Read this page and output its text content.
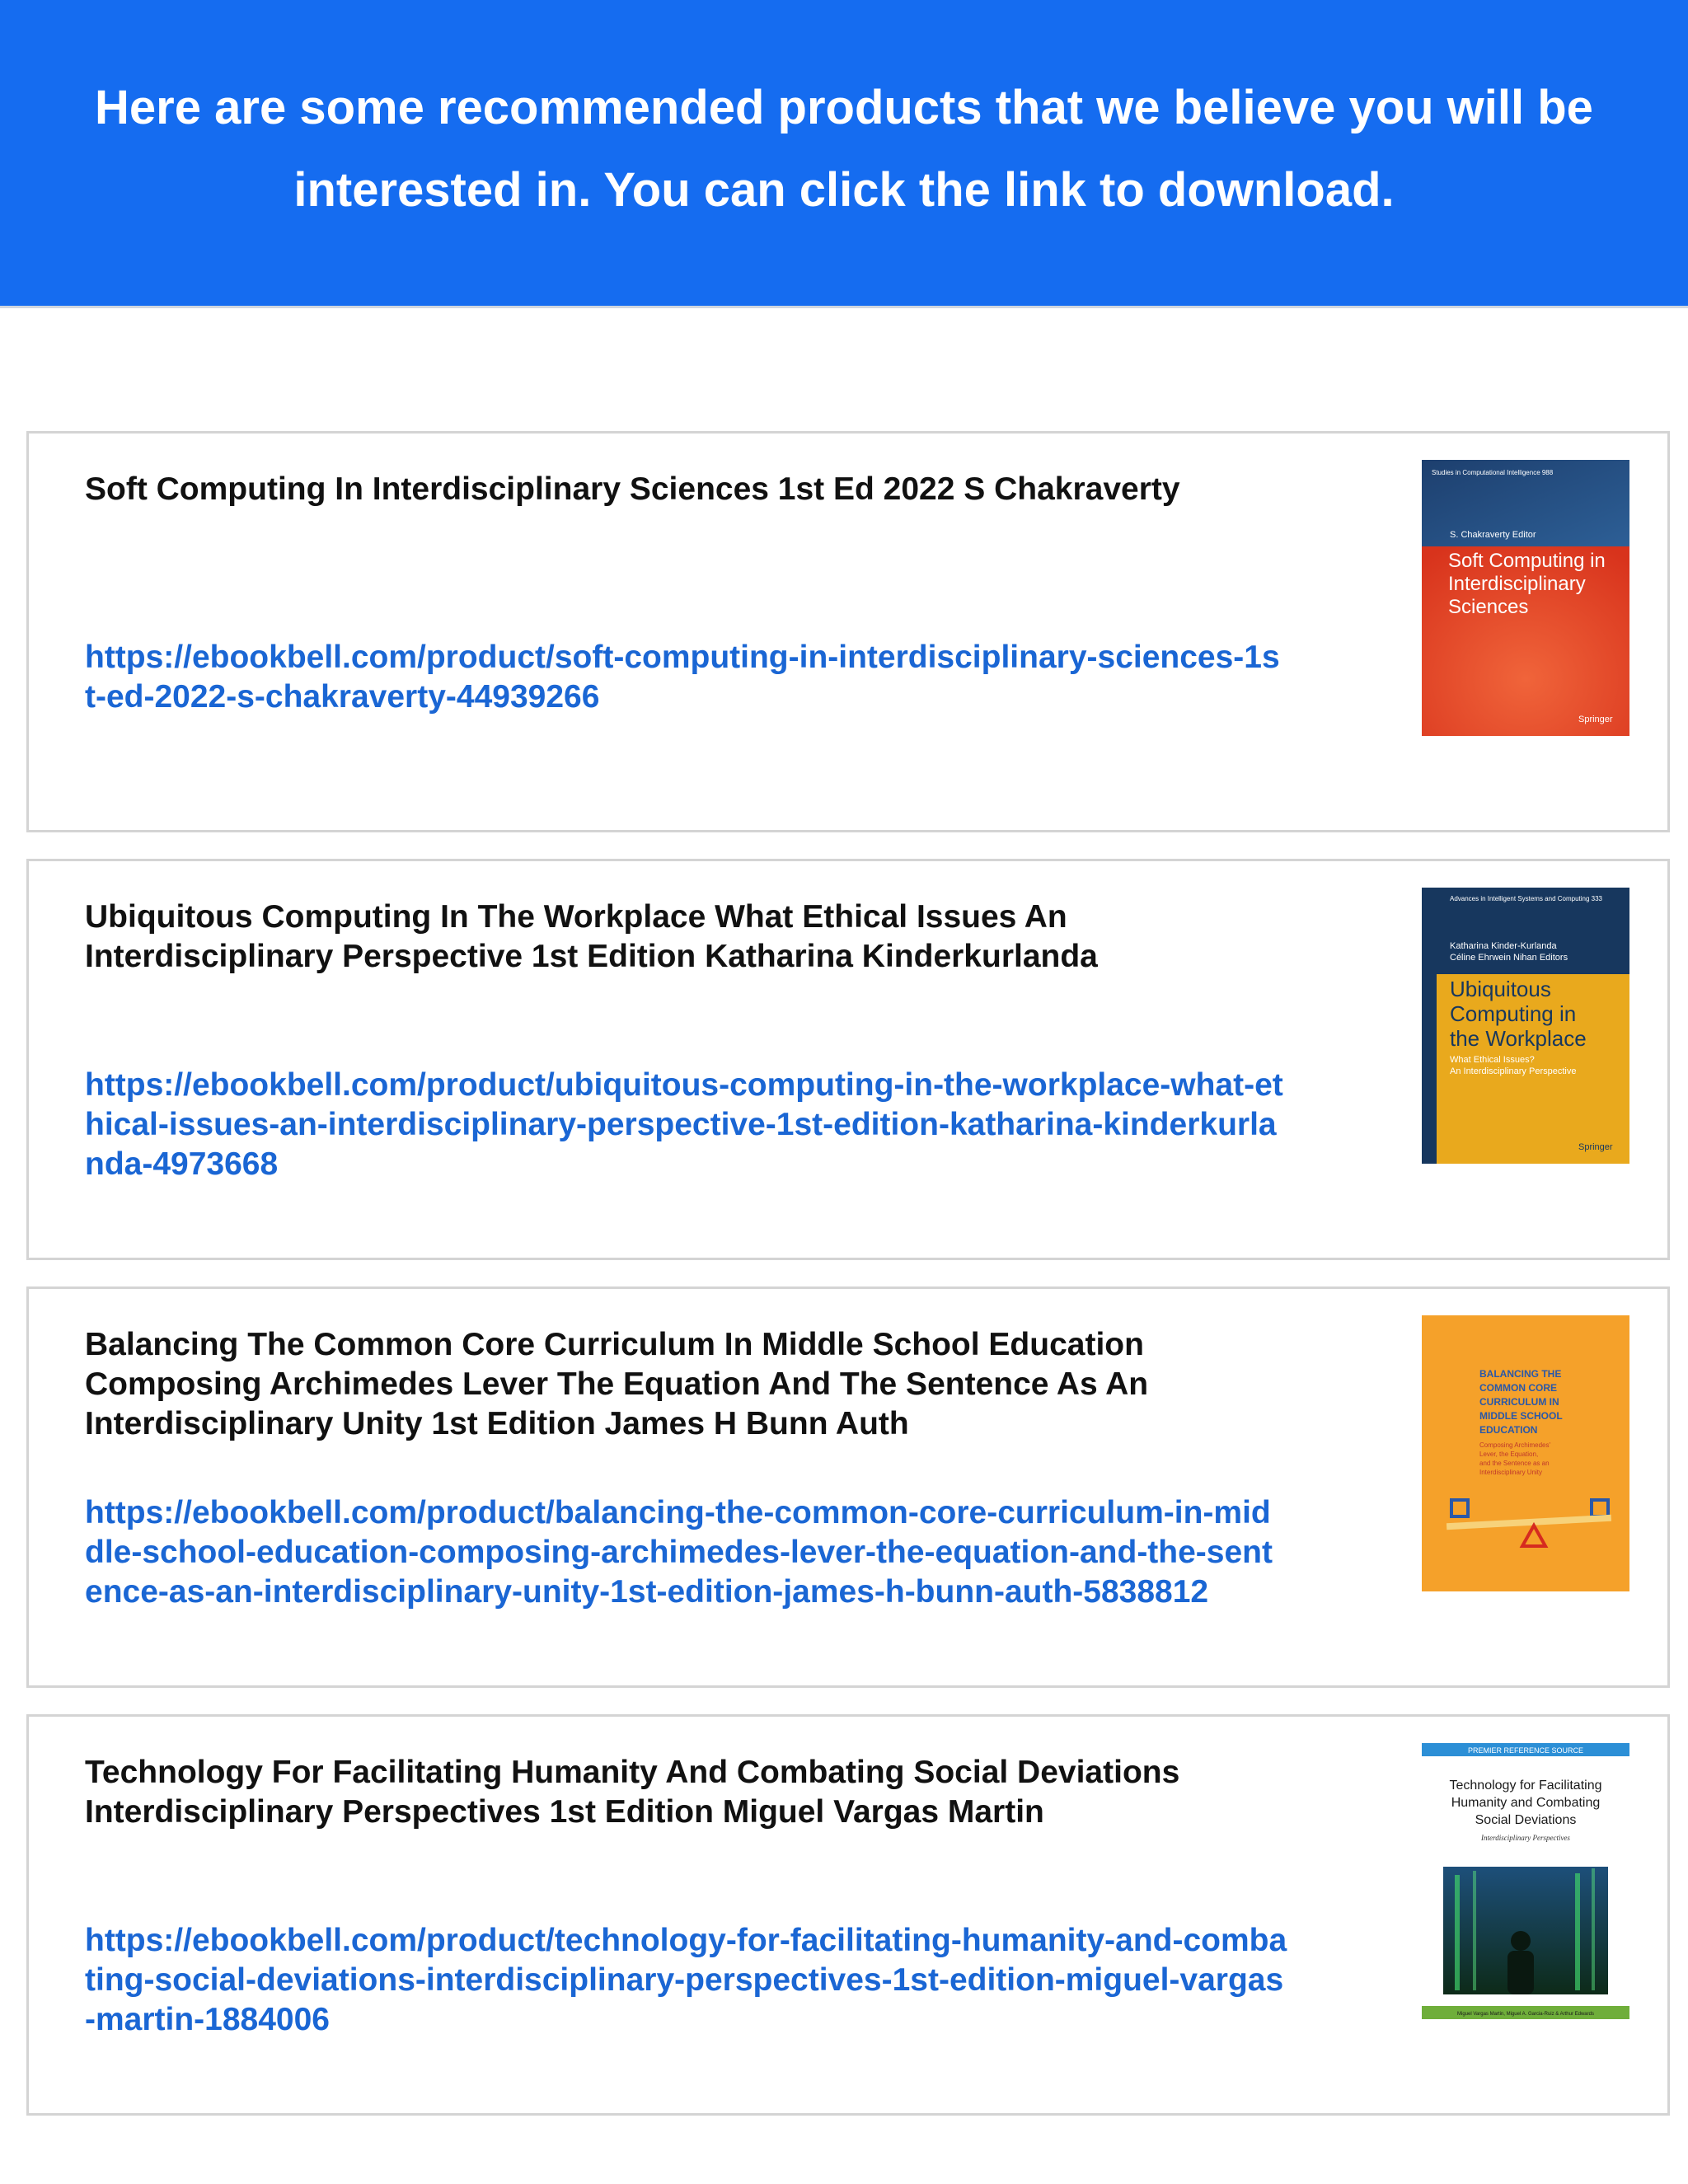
Here are some recommended products that we believe you will be interested in. You can click the link to download.
Soft Computing In Interdisciplinary Sciences 1st Ed 2022 S Chakraverty
https://ebookbell.com/product/soft-computing-in-interdisciplinary-sciences-1st-ed-2022-s-chakraverty-44939266
Studies in Computational Intelligence 988
S. Chakraverty Editor
Soft Computing in
Interdisciplinary
Sciences
Springer
Ubiquitous Computing In The Workplace What Ethical Issues An Interdisciplinary Perspective 1st Edition Katharina Kinderkurlanda
https://ebookbell.com/product/ubiquitous-computing-in-the-workplace-what-ethical-issues-an-interdisciplinary-perspective-1st-edition-katharina-kinderkurlanda-4973668
Advances in Intelligent Systems and Computing 333
Katharina Kinder-Kurlanda
Céline Ehrwein Nihan Editors
Ubiquitous
Computing in
the Workplace
What Ethical Issues?
An Interdisciplinary Perspective
Springer
Balancing The Common Core Curriculum In Middle School Education Composing Archimedes Lever The Equation And The Sentence As An Interdisciplinary Unity 1st Edition James H Bunn Auth
https://ebookbell.com/product/balancing-the-common-core-curriculum-in-middle-school-education-composing-archimedes-lever-the-equation-and-the-sentence-as-an-interdisciplinary-unity-1st-edition-james-h-bunn-auth-5838812
BALANCING THE
COMMON CORE
CURRICULUM IN
MIDDLE SCHOOL
EDUCATION
Composing Archimedes'
Lever, the Equation,
and the Sentence as an
Interdisciplinary Unity
Technology For Facilitating Humanity And Combating Social Deviations Interdisciplinary Perspectives 1st Edition Miguel Vargas Martin
https://ebookbell.com/product/technology-for-facilitating-humanity-and-combating-social-deviations-interdisciplinary-perspectives-1st-edition-miguel-vargas-martin-1884006
PREMIER REFERENCE SOURCE
Technology for Facilitating
Humanity and Combating
Social Deviations
Interdisciplinary Perspectives
Miguel Vargas Martin, Miguel A. Garcia-Ruiz & Arthur Edwards
